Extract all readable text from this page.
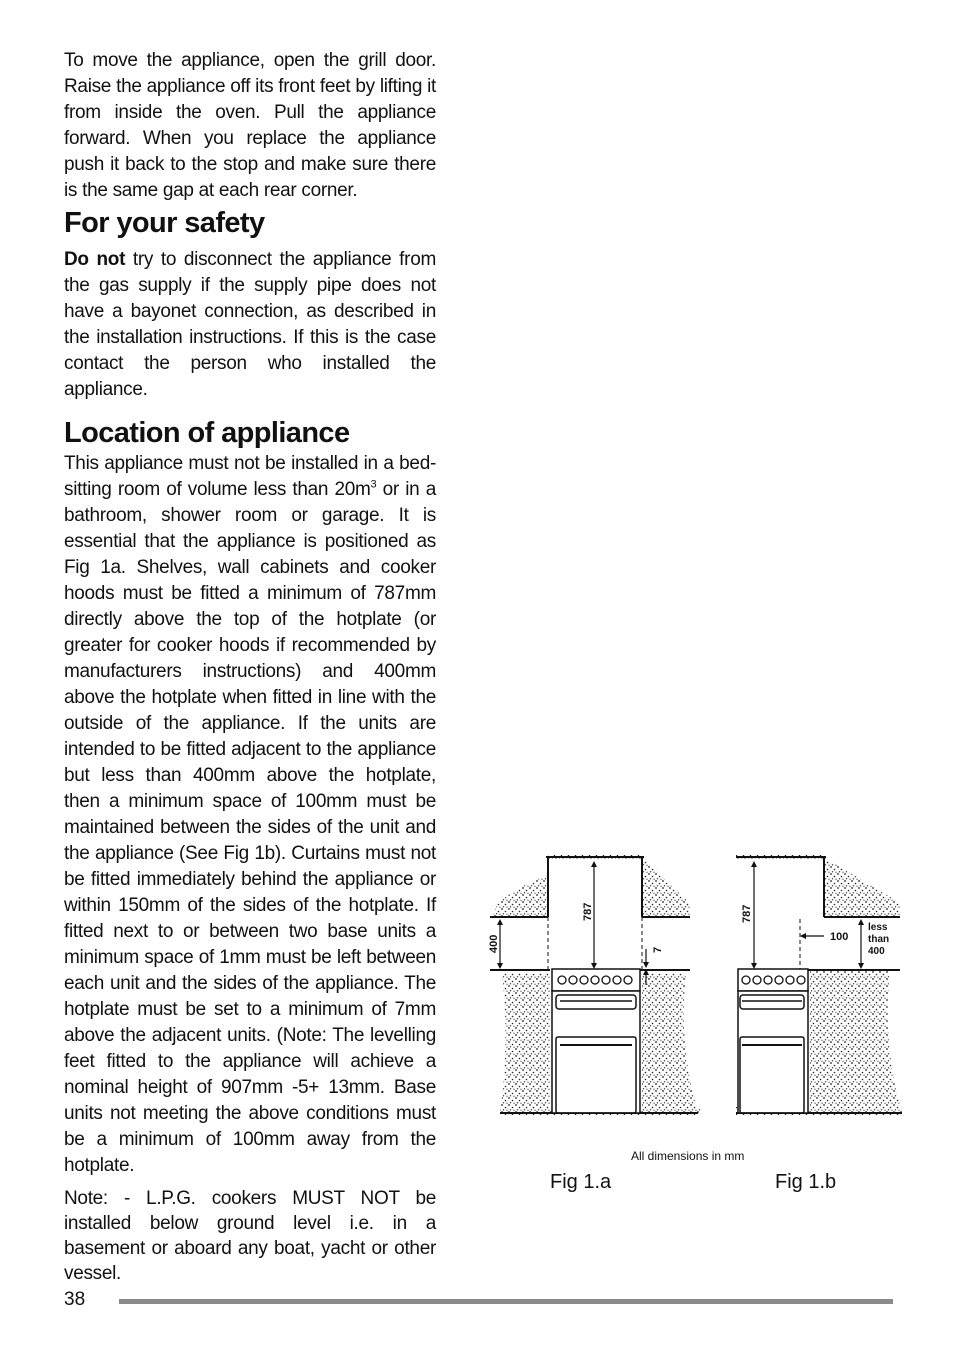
To move the appliance, open the grill door. Raise the appliance off its front feet by lifting it from inside the oven. Pull the appliance forward. When you replace the appliance push it back to the stop and make sure there is the same gap at each rear corner.

For your safety

Do not try to disconnect the appliance from the gas supply if the supply pipe does not have a bayonet connection, as described in the installation instructions. If this is the case contact the person who installed the appliance.

Location of appliance

This appliance must not be installed in a bed-sitting room of volume less than $20m^3$ or in a bathroom, shower room or garage. It is essential that the appliance is positioned as Fig 1a. Shelves, wall cabinets and cooker hoods must be fitted a minimum of 787mm directly above the top of the hotplate (or greater for cooker hoods if recommended by manufacturers instructions) and 400mm above the hotplate when fitted in line with the outside of the appliance. If the units are intended to be fitted adjacent to the appliance but less than 400mm above the hotplate, then a minimum space of 100mm must be maintained between the sides of the unit and the appliance (See Fig 1b). Curtains must not be fitted immediately behind the appliance or within 150mm of the sides of the hotplate. If fitted next to or between two base units a minimum space of 1mm must be left between each unit and the sides of the appliance. The hotplate must be set to a minimum of 7mm above the adjacent units. (Note: The levelling feet fitted to the appliance will achieve a nominal height of 907mm -5+ 13mm. Base units not meeting the above conditions must be a minimum of 100mm away from the hotplate.

Note: - L.P.G. cookers MUST NOT be installed below ground level i.e. in a basement or aboard any boat, yacht or other vessel.

400
787
7
787
100
less
than
400
All dimensions in mm
Fig 1.a	Fig 1.b
38
